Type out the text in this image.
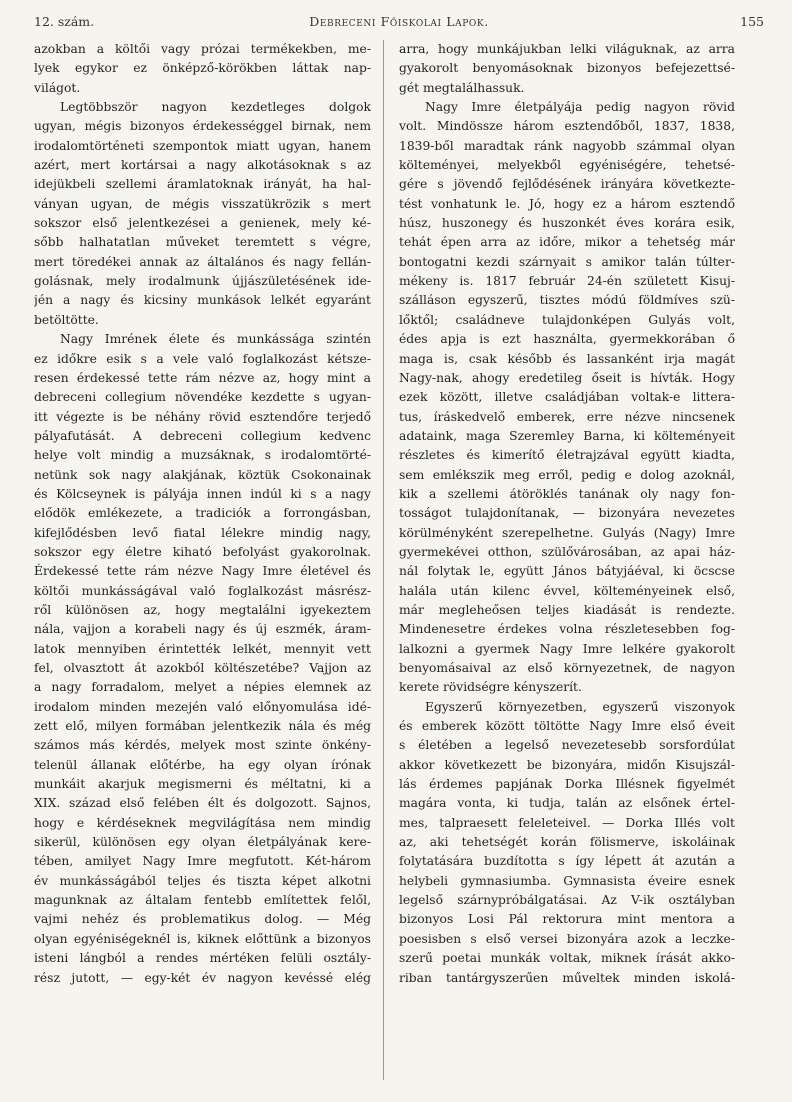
12. szám.	Debreceni Főiskolai Lapok.	155
azokban a költői vagy prózai termékekben, me-
lyek egykor ez önképző-körökben láttak nap-
világot.
Legtöbbször nagyon kezdetleges dolgok
ugyan, mégis bizonyos érdekességgel birnak, nem
irodalomtörténeti szempontok miatt ugyan, hanem
azért, mert kortársai a nagy alkotásoknak s az
idejükbeli szellemi áramlatoknak irányát, ha hal-
ványan ugyan, de mégis visszatükrözik s mert
sokszor első jelentkezései a genienek, mely ké-
sőbb halhatatlan műveket teremtett s végre,
mert töredékei annak az általános és nagy fellán-
golásnak, mely irodalmunk újjászületésének ide-
jén a nagy és kicsiny munkások lelkét egyaránt
betöltötte.
Nagy Imrének élete és munkássága szintén
ez időkre esik s a vele való foglalkozást kétsze-
resen érdekessé tette rám nézve az, hogy mint a
debreceni collegium növendéke kezdette s ugyan-
itt végezte is be néhány rövid esztendőre terjedő
pályafutását. A debreceni collegium kedvenc
helye volt mindig a muzsáknak, s irodalomtörté-
netünk sok nagy alakjának, köztük Csokonainak
és Kölcseynek is pályája innen indúl ki s a nagy
elődök emlékezete, a tradiciók a forrongásban,
kifejlődésben levő fiatal lélekre mindig nagy,
sokszor egy életre kiható befolyást gyakorolnak.
Érdekessé tette rám nézve Nagy Imre életével és
költői munkásságával való foglalkozást másrész-
ről különösen az, hogy megtalálni igyekeztem
nála, vajjon a korabeli nagy és új eszmék, áram-
latok mennyiben érintették lelkét, mennyit vett
fel, olvasztott át azokból költészetébe? Vajjon az
a nagy forradalom, melyet a népies elemnek az
irodalom minden mezején való előnyomulása idé-
zett elő, milyen formában jelentkezik nála és még
számos más kérdés, melyek most szinte önkény-
telenül állanak előtérbe, ha egy olyan írónak
munkáit akarjuk megismerni és méltatni, ki a
XIX. század első felében élt és dolgozott. Sajnos,
hogy e kérdéseknek megvilágítása nem mindig
sikerül, különösen egy olyan életpályának kere-
tében, amilyet Nagy Imre megfutott. Két-három
év munkásságából teljes és tiszta képet alkotni
magunknak az általam fentebb említettek felől,
vajmi nehéz és problematikus dolog. — Még
olyan egyéniségeknél is, kiknek előttünk a bizonyos
isteni lángból a rendes mértéken felüli osztály-
rész jutott, — egy-két év nagyon kevéssé elég
arra, hogy munkájukban lelki világuknak, az arra
gyakorolt benyomásoknak bizonyos befejezettsé-
gét megtalálhassuk.
Nagy Imre életpályája pedig nagyon rövid
volt. Mindössze három esztendőből, 1837, 1838,
1839-ből maradtak ránk nagyobb számmal olyan
költeményei, melyekből egyéniségére, tehetsé-
gére s jövendő fejlődésének irányára következte-
tést vonhatunk le. Jó, hogy ez a három esztendő
húsz, huszonegy és huszonkét éves korára esik,
tehát épen arra az időre, mikor a tehetség már
bontogatni kezdi szárnyait s amikor talán túlter-
mékeny is. 1817 február 24-én született Kisuj-
szálláson egyszerű, tisztes módú földmíves szü-
lőktől; családneve tulajdonképen Gulyás volt,
édes apja is ezt használta, gyermekkorában ő
maga is, csak később és lassanként irja magát
Nagy-nak, ahogy eredetileg őseit is hívták. Hogy
ezek között, illetve családjában voltak-e littera-
tus, íráskedvelő emberek, erre nézve nincsenek
adataink, maga Szeremley Barna, ki költeményeit
részletes és kimerítő életrajzával együtt kiadta,
sem emlékszik meg erről, pedig e dolog azoknál,
kik a szellemi átöröklés tanának oly nagy fon-
tosságot tulajdonítanak, — bizonyára nevezetes
körülményként szerepelhetne. Gulyás (Nagy) Imre
gyermekévei otthon, szülővárosában, az apai ház-
nál folytak le, együtt János bátyjáéval, ki öcscse
halála után kilenc évvel, költeményeinek első,
már megleheősen teljes kiadását is rendezte.
Mindenesetre érdekes volna részletesebben fog-
lalkozni a gyermek Nagy Imre lelkére gyakorolt
benyomásaival az első környezetnek, de nagyon
kerete rövidségre kényszerít.
Egyszerű környezetben, egyszerű viszonyok
és emberek között töltötte Nagy Imre első éveit
s életében a legelső nevezetesebb sorsfordúlat
akkor következett be bizonyára, midőn Kisujszál-
lás érdemes papjának Dorka Illésnek figyelmét
magára vonta, ki tudja, talán az elsőnek értel-
mes, talpraesett feleleteivel. — Dorka Illés volt
az, aki tehetségét korán fölismerve, iskoláinak
folytatására buzdította s így lépett át azután a
helybeli gymnasiumba. Gymnasista éveire esnek
legelső szárnypróbálgatásai. Az V-ik osztályban
bizonyos Losi Pál rektorura mint mentora a
poesisben s első versei bizonyára azok a leczke-
szerű poetai munkák voltak, miknek írását akko-
riban tantárgyszerűen műveltek minden iskolá-
